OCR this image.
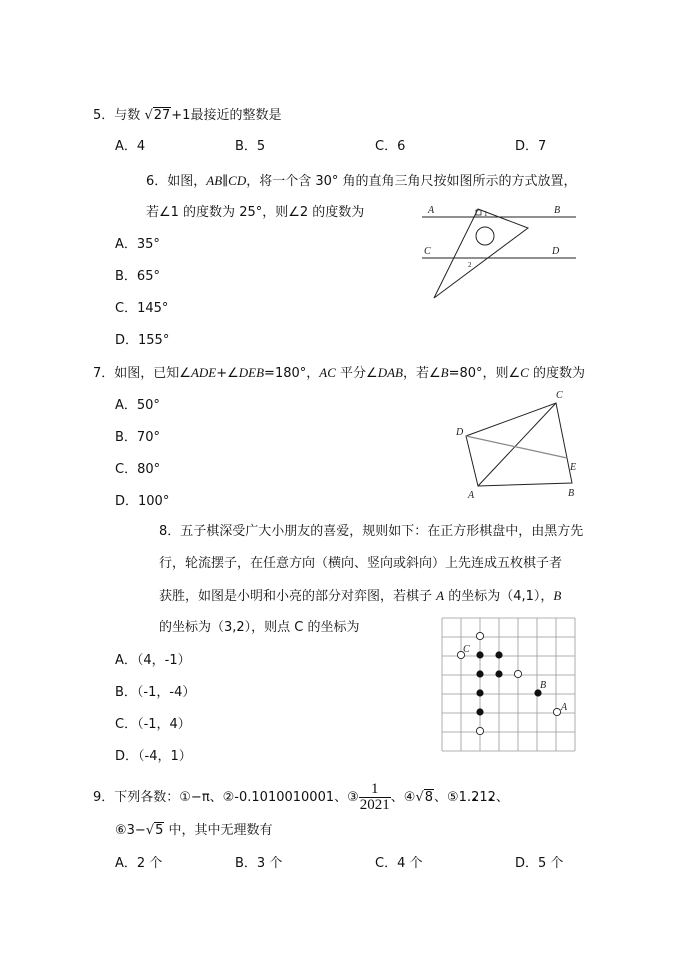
5．与数 √27+1最接近的整数是
A．4	B．5	C．6	D．7
6．如图，AB∥CD，将一个含 30° 角的直角三角尺按如图所示的方式放置，
若∠1 的度数为 25°，则∠2 的度数为
A．35°
B．65°
C．145°
D．155°
A	B
C	D
1
2
7．如图，已知∠ADE+∠DEB=180°，AC 平分∠DAB，若∠B=80°，则∠C 的度数为
A．50°
B．70°
C．80°
D．100°
C
D
E
A	B
8．五子棋深受广大小朋友的喜爱，规则如下：在正方形棋盘中，由黑方先
行，轮流摆子，在任意方向（横向、竖向或斜向）上先连成五枚棋子者
获胜，如图是小明和小亮的部分对弈图，若棋子 A 的坐标为（4,1），B
的坐标为（3,2），则点 C 的坐标为
A．（4，-1）
B．（-1，-4）
C．（-1，4）
D．（-4，1）
C
B
A
9．下列各数：①−π、②-0.1010010001、③ $\frac{1}{2021}$ 、④√8、⑤1.• 21• 2、
⑥3−√5 中，其中无理数有
A．2 个	B．3 个	C．4 个	D．5 个
